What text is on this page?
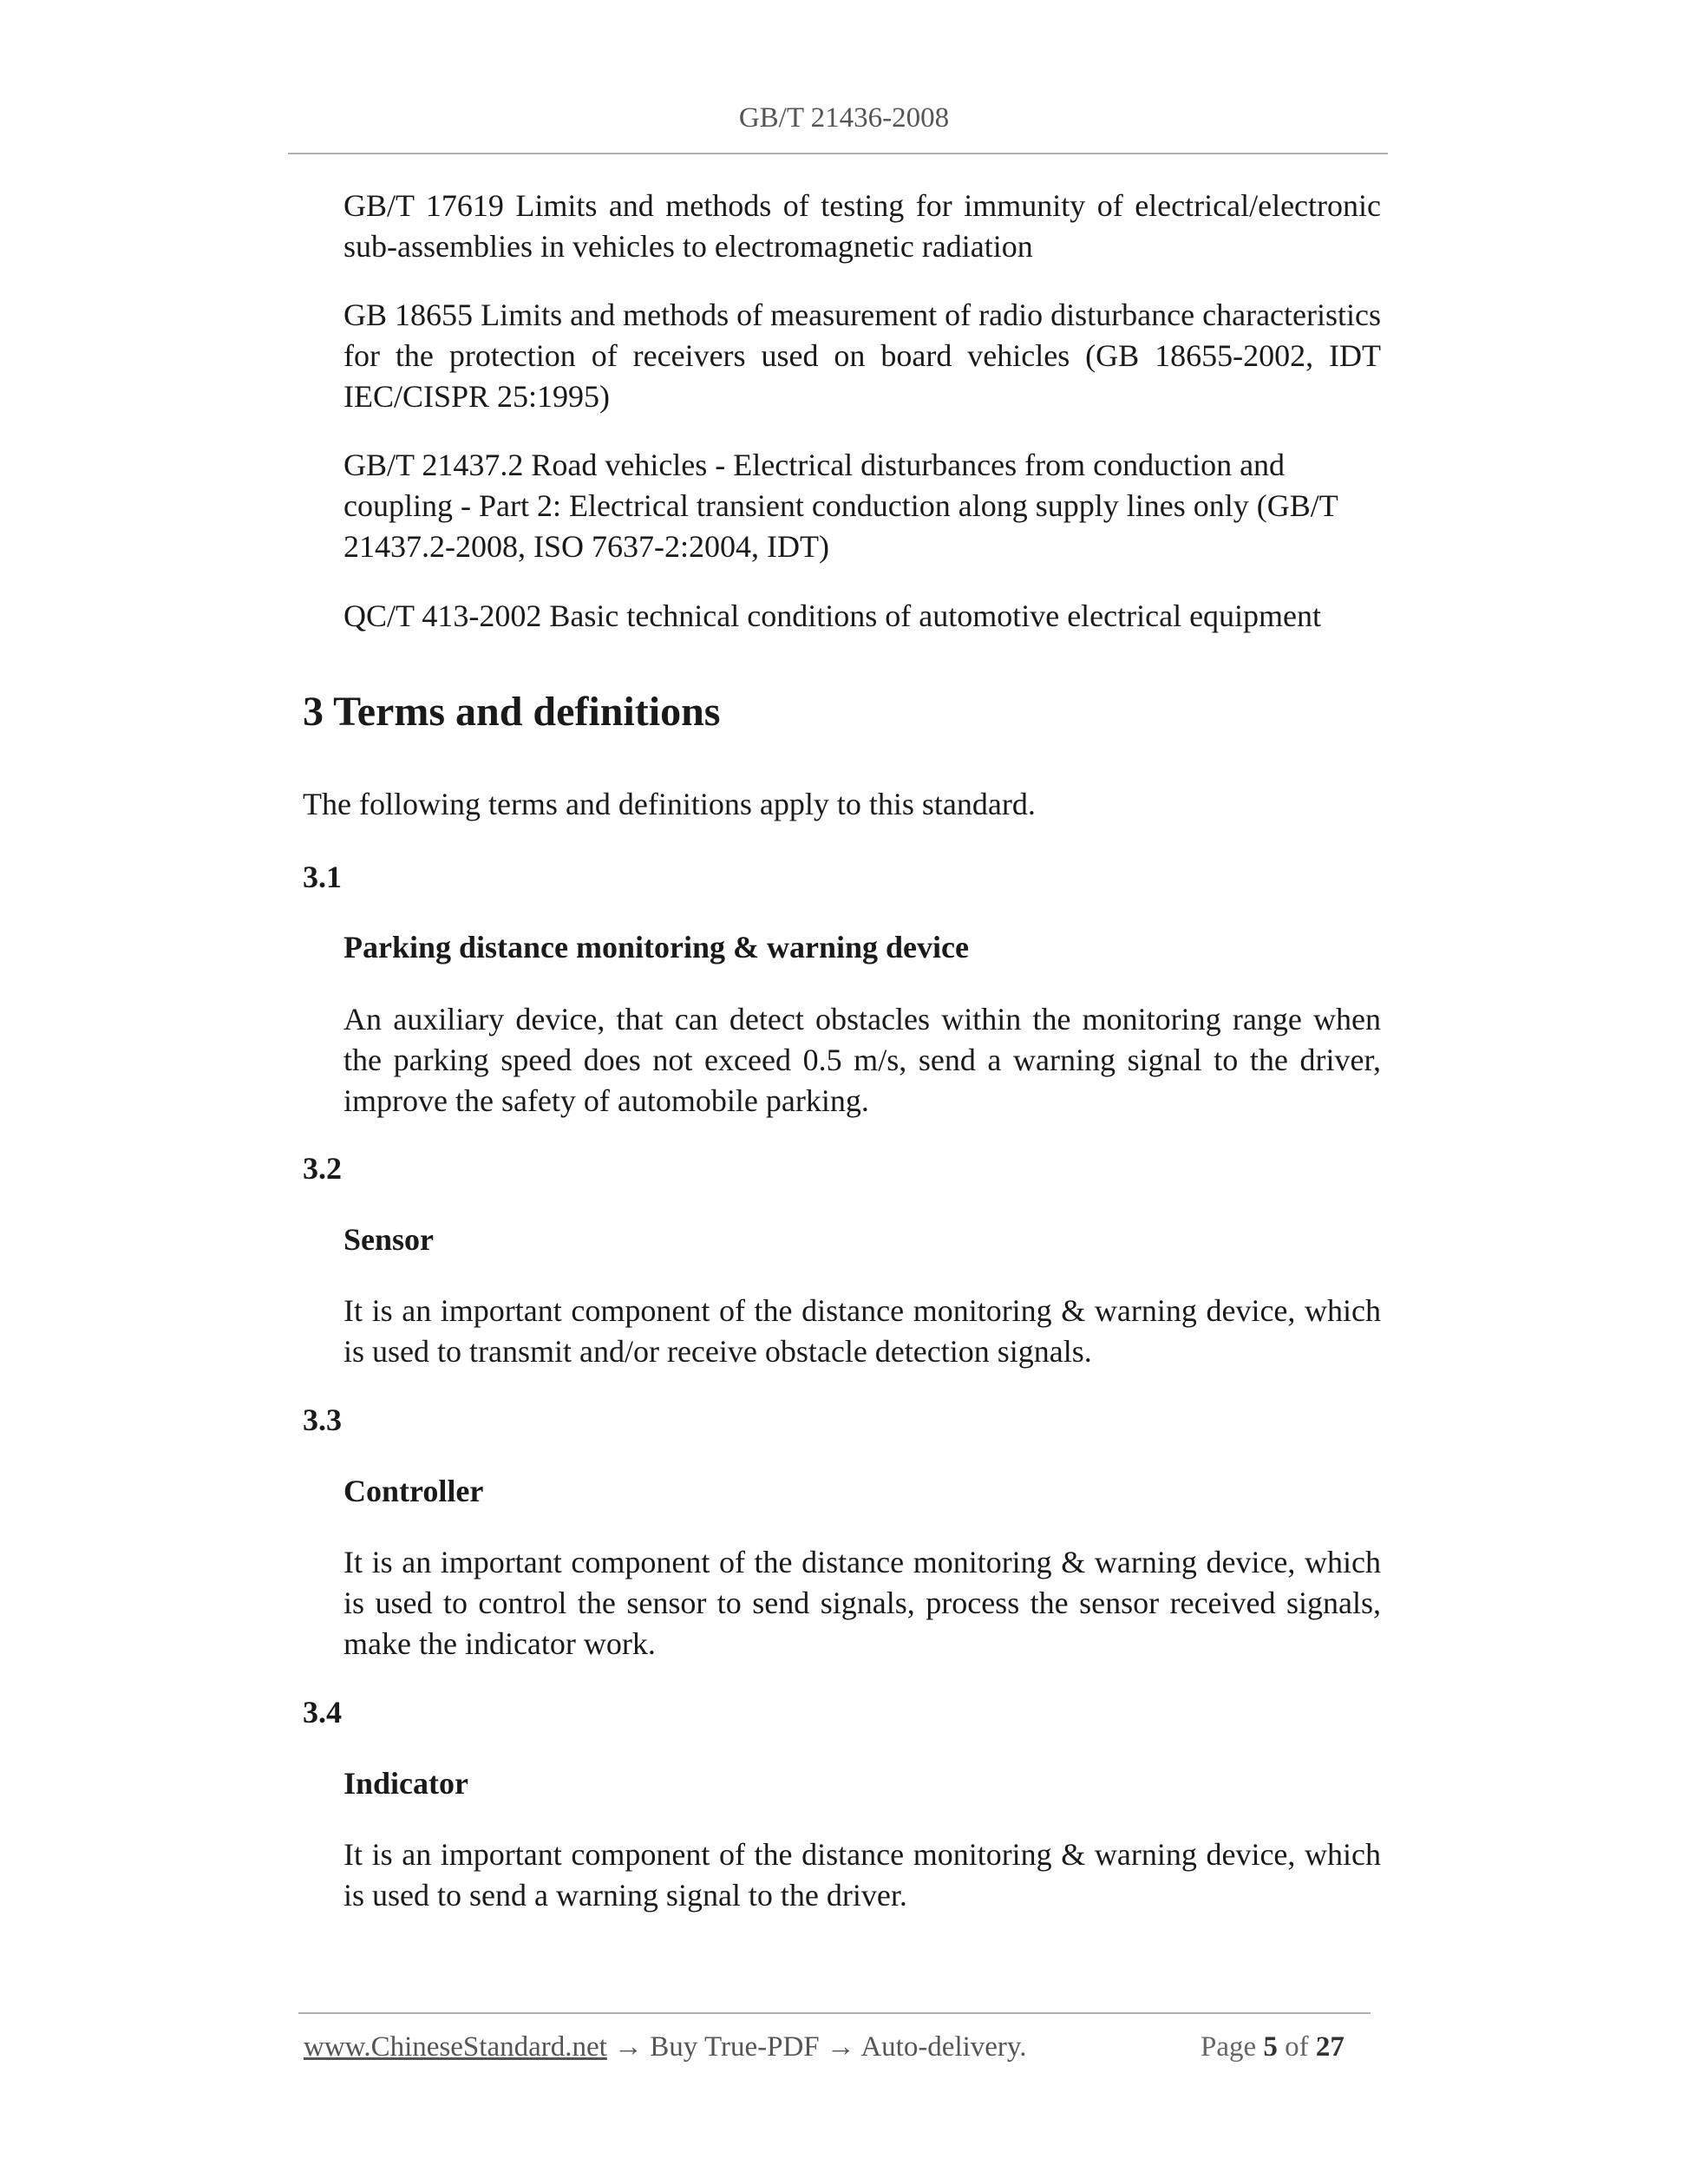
GB/T 21436-2008

GB/T 17619 Limits and methods of testing for immunity of electrical/electronic sub-assemblies in vehicles to electromagnetic radiation

GB 18655 Limits and methods of measurement of radio disturbance characteristics for the protection of receivers used on board vehicles (GB 18655-2002, IDT IEC/CISPR 25:1995)

GB/T 21437.2 Road vehicles - Electrical disturbances from conduction and coupling - Part 2: Electrical transient conduction along supply lines only (GB/T 21437.2-2008, ISO 7637-2:2004, IDT)

QC/T 413-2002 Basic technical conditions of automotive electrical equipment

3 Terms and definitions

The following terms and definitions apply to this standard.

3.1
Parking distance monitoring & warning device

An auxiliary device, that can detect obstacles within the monitoring range when the parking speed does not exceed 0.5 m/s, send a warning signal to the driver, improve the safety of automobile parking.

3.2
Sensor

It is an important component of the distance monitoring & warning device, which is used to transmit and/or receive obstacle detection signals.

3.3
Controller

It is an important component of the distance monitoring & warning device, which is used to control the sensor to send signals, process the sensor received signals, make the indicator work.

3.4
Indicator

It is an important component of the distance monitoring & warning device, which is used to send a warning signal to the driver.

www.ChineseStandard.net → Buy True-PDF → Auto-delivery.	Page 5 of 27
